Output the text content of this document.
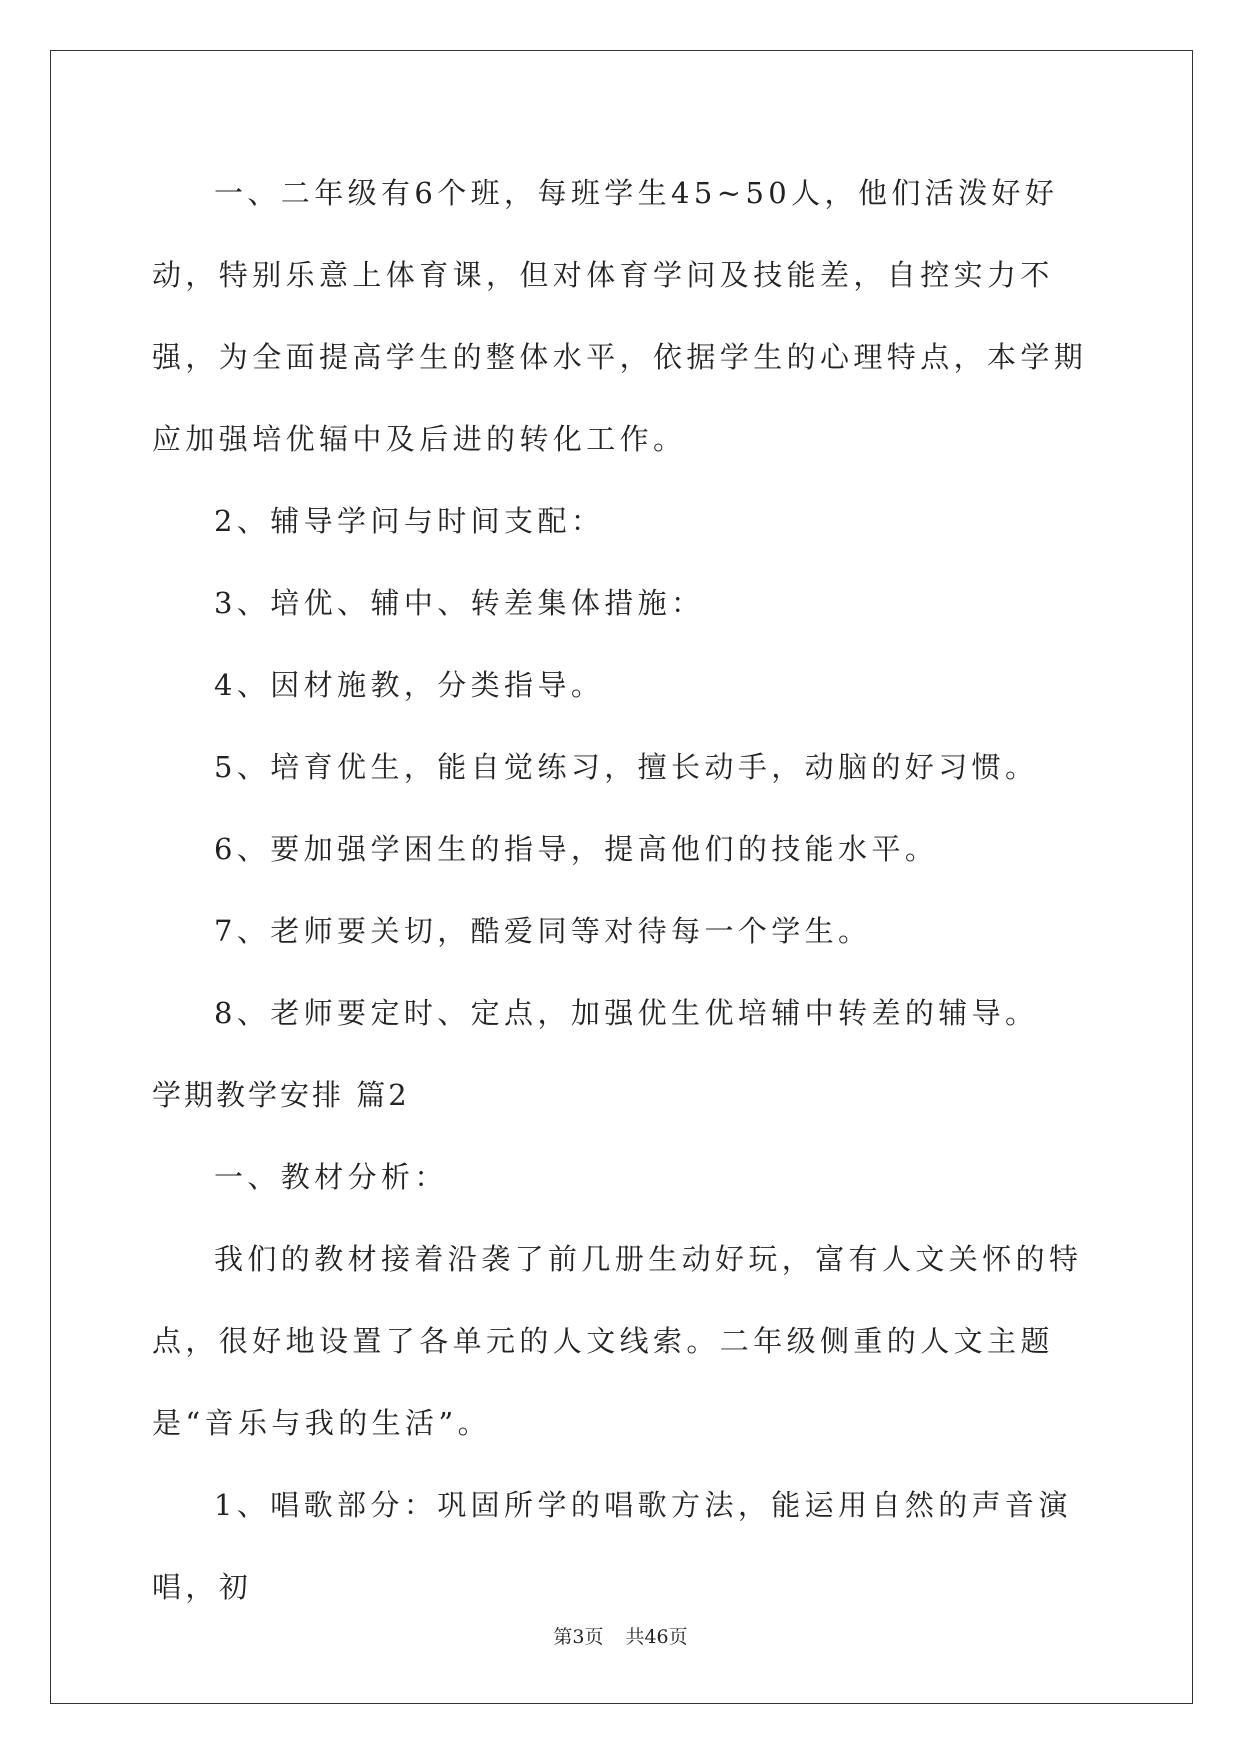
一、二年级有6个班，每班学生45~50人，他们活泼好好动，特别乐意上体育课，但对体育学问及技能差，自控实力不强，为全面提高学生的整体水平，依据学生的心理特点，本学期应加强培优辐中及后进的转化工作。

2、辅导学问与时间支配：

3、培优、辅中、转差集体措施：

4、因材施教，分类指导。

5、培育优生，能自觉练习，擅长动手，动脑的好习惯。

6、要加强学困生的指导，提高他们的技能水平。

7、老师要关切，酷爱同等对待每一个学生。

8、老师要定时、定点，加强优生优培辅中转差的辅导。

学期教学安排 篇2

一、教材分析：

我们的教材接着沿袭了前几册生动好玩，富有人文关怀的特点，很好地设置了各单元的人文线索。二年级侧重的人文主题是“音乐与我的生活”。

1、唱歌部分：巩固所学的唱歌方法，能运用自然的声音演唱，初

第3页 共46页
